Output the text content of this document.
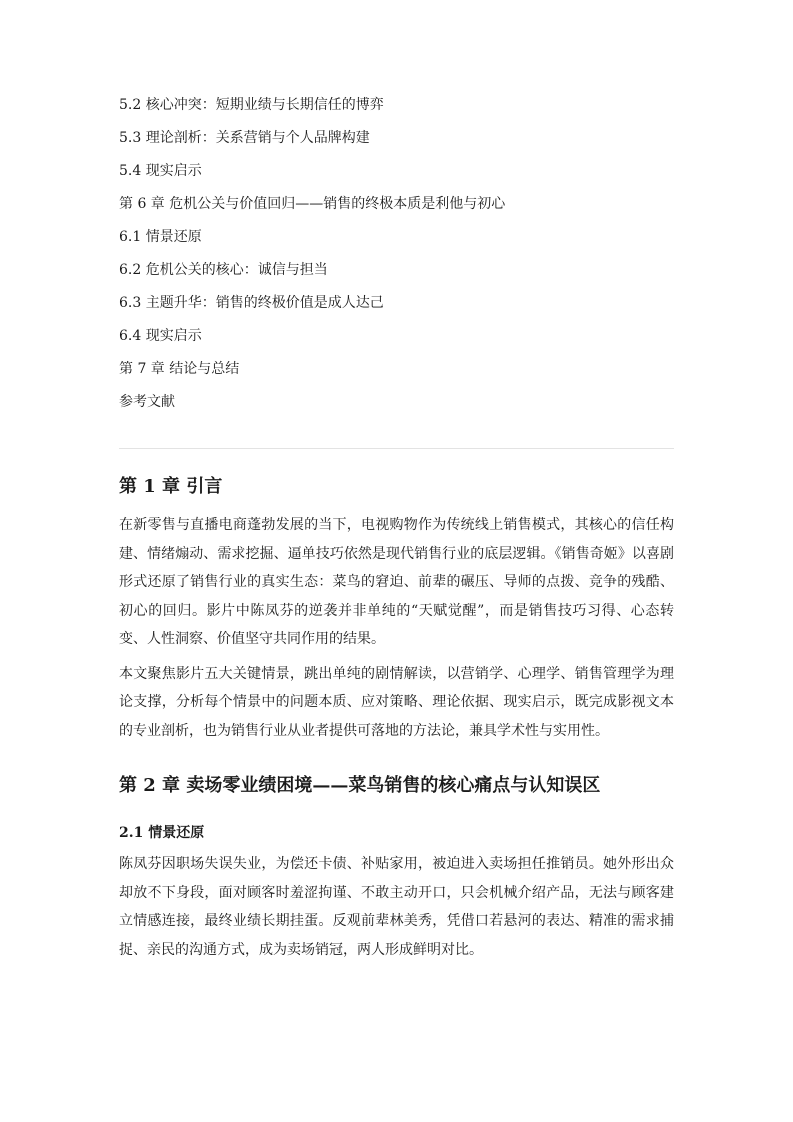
5.2 核心冲突：短期业绩与长期信任的博弈

5.3 理论剖析：关系营销与个人品牌构建

5.4 现实启示

第 6 章 危机公关与价值回归——销售的终极本质是利他与初心

6.1 情景还原

6.2 危机公关的核心：诚信与担当

6.3 主题升华：销售的终极价值是成人达己

6.4 现实启示

第 7 章 结论与总结

参考文献

第 1 章 引言

在新零售与直播电商蓬勃发展的当下，电视购物作为传统线上销售模式，其核心的信任构建、情绪煽动、需求挖掘、逼单技巧依然是现代销售行业的底层逻辑。《销售奇姬》以喜剧形式还原了销售行业的真实生态：菜鸟的窘迫、前辈的碾压、导师的点拨、竞争的残酷、初心的回归。影片中陈凤芬的逆袭并非单纯的“天赋觉醒”，而是销售技巧习得、心态转变、人性洞察、价值坚守共同作用的结果。

本文聚焦影片五大关键情景，跳出单纯的剧情解读，以营销学、心理学、销售管理学为理论支撑，分析每个情景中的问题本质、应对策略、理论依据、现实启示，既完成影视文本的专业剖析，也为销售行业从业者提供可落地的方法论，兼具学术性与实用性。

第 2 章 卖场零业绩困境——菜鸟销售的核心痛点与认知误区
2.1 情景还原

陈凤芬因职场失误失业，为偿还卡债、补贴家用，被迫进入卖场担任推销员。她外形出众却放不下身段，面对顾客时羞涩拘谨、不敢主动开口，只会机械介绍产品，无法与顾客建立情感连接，最终业绩长期挂蛋。反观前辈林美秀，凭借口若悬河的表达、精准的需求捕捉、亲民的沟通方式，成为卖场销冠，两人形成鲜明对比。
